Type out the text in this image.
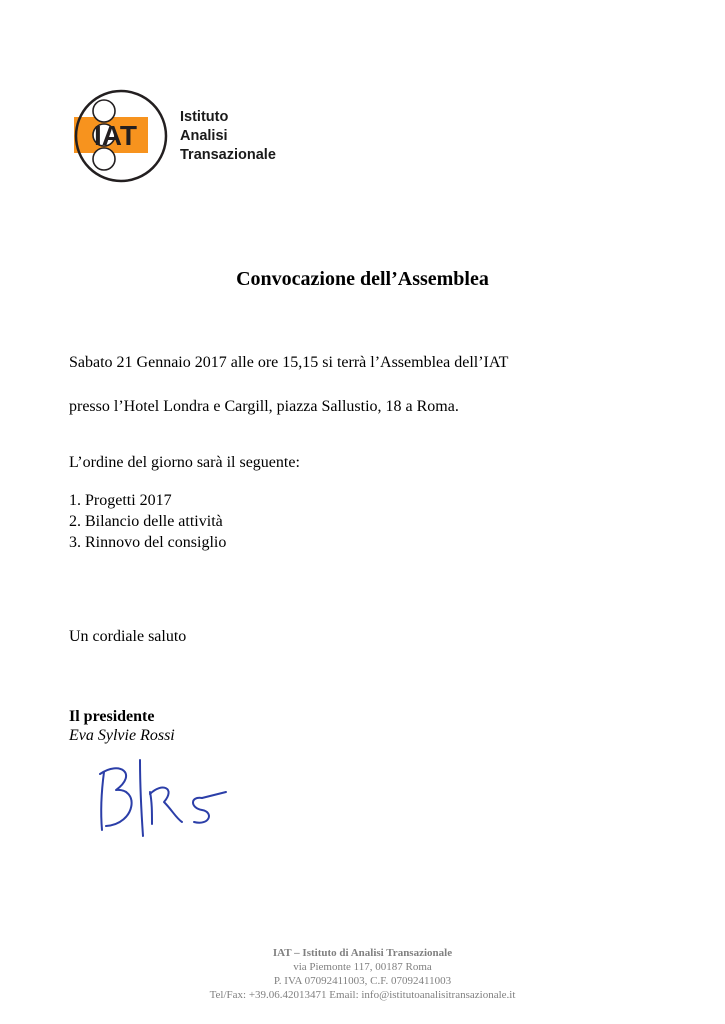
IAT
Istituto
Analisi
Transazionale
Convocazione dell’Assemblea
Sabato 21 Gennaio 2017 alle ore 15,15 si terrà l’Assemblea dell’IAT
presso l’Hotel Londra e Cargill, piazza Sallustio, 18 a Roma.
L’ordine del giorno sarà il seguente:
1. Progetti 2017
2. Bilancio delle attività
3. Rinnovo del consiglio
Un cordiale saluto
Il presidente
Eva Sylvie Rossi
IAT – Istituto di Analisi Transazionale
via Piemonte 117, 00187 Roma
P. IVA 07092411003, C.F. 07092411003
Tel/Fax: +39.06.42013471 Email: info@istitutoanalisitransazionale.it
